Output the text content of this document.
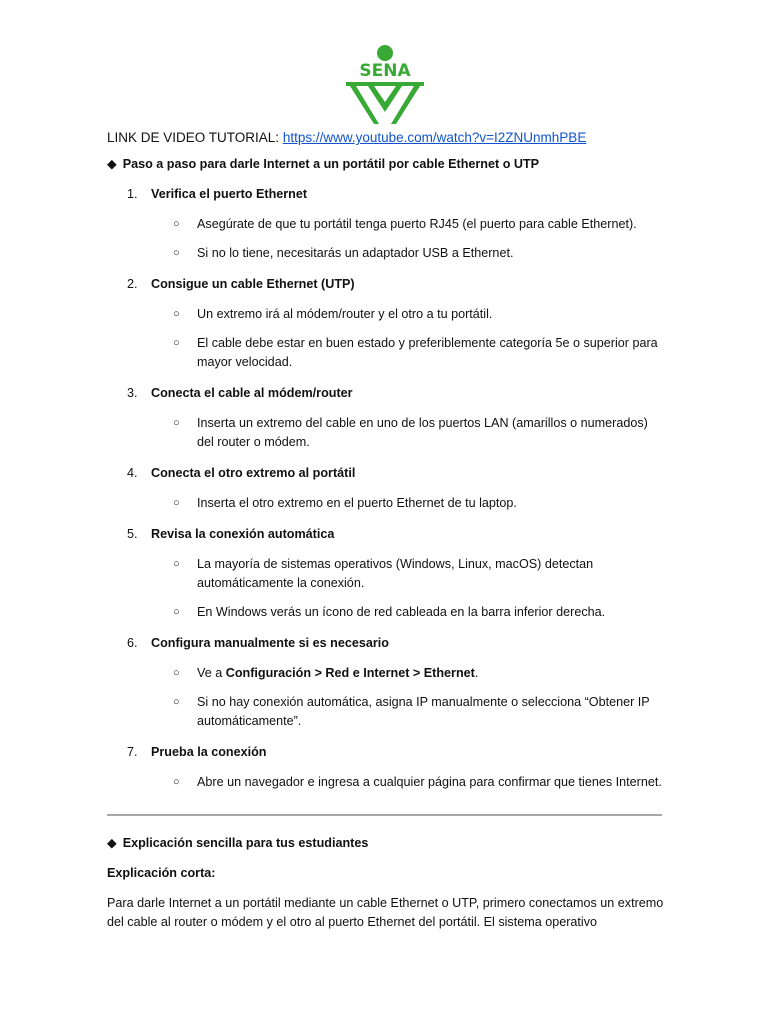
SENA
LINK DE VIDEO TUTORIAL: https://www.youtube.com/watch?v=I2ZNUnmhPBE
◆ Paso a paso para darle Internet a un portátil por cable Ethernet o UTP
1. Verifica el puerto Ethernet
○ Asegúrate de que tu portátil tenga puerto RJ45 (el puerto para cable Ethernet).
○ Si no lo tiene, necesitarás un adaptador USB a Ethernet.
2. Consigue un cable Ethernet (UTP)
○ Un extremo irá al módem/router y el otro a tu portátil.
○ El cable debe estar en buen estado y preferiblemente categoría 5e o superior para mayor velocidad.
3. Conecta el cable al módem/router
○ Inserta un extremo del cable en uno de los puertos LAN (amarillos o numerados) del router o módem.
4. Conecta el otro extremo al portátil
○ Inserta el otro extremo en el puerto Ethernet de tu laptop.
5. Revisa la conexión automática
○ La mayoría de sistemas operativos (Windows, Linux, macOS) detectan automáticamente la conexión.
○ En Windows verás un ícono de red cableada en la barra inferior derecha.
6. Configura manualmente si es necesario
○ Ve a Configuración > Red e Internet > Ethernet.
○ Si no hay conexión automática, asigna IP manualmente o selecciona “Obtener IP automáticamente”.
7. Prueba la conexión
○ Abre un navegador e ingresa a cualquier página para confirmar que tienes Internet.
◆ Explicación sencilla para tus estudiantes
Explicación corta:

Para darle Internet a un portátil mediante un cable Ethernet o UTP, primero conectamos un extremo del cable al router o módem y el otro al puerto Ethernet del portátil. El sistema operativo
